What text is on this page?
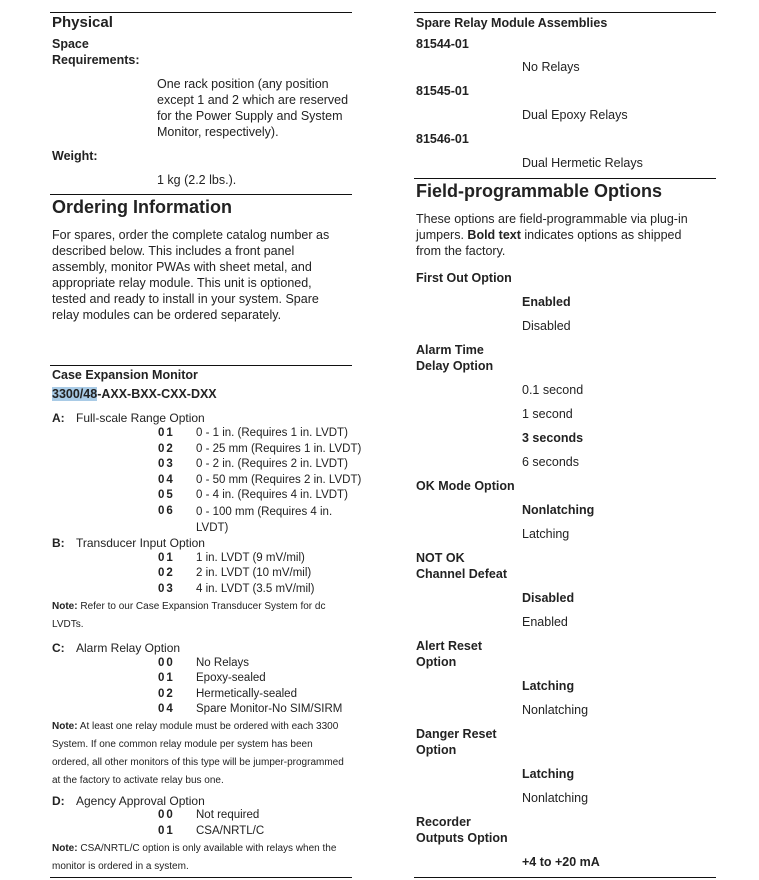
Physical
Space
Requirements:
One rack position (any position except 1 and 2 which are reserved for the Power Supply and System Monitor, respectively).
Weight:
1 kg (2.2 lbs.).
Ordering Information
For spares, order the complete catalog number as described below. This includes a front panel assembly, monitor PWAs with sheet metal, and appropriate relay module. This unit is optioned, tested and ready to install in your system. Spare relay modules can be ordered separately.
Case Expansion Monitor
3300/48-AXX-BXX-CXX-DXX
A: Full-scale Range Option
01 0 - 1 in. (Requires 1 in. LVDT)
02 0 - 25 mm (Requires 1 in. LVDT)
03 0 - 2 in. (Requires 2 in. LVDT)
04 0 - 50 mm (Requires 2 in. LVDT)
05 0 - 4 in. (Requires 4 in. LVDT)
06 0 - 100 mm (Requires 4 in. LVDT)
B: Transducer Input Option
01 1 in. LVDT (9 mV/mil)
02 2 in. LVDT (10 mV/mil)
03 4 in. LVDT (3.5 mV/mil)
Note: Refer to our Case Expansion Transducer System for dc LVDTs.
C: Alarm Relay Option
00 No Relays
01 Epoxy-sealed
02 Hermetically-sealed
04 Spare Monitor-No SIM/SIRM
Note: At least one relay module must be ordered with each 3300 System. If one common relay module per system has been ordered, all other monitors of this type will be jumper-programmed at the factory to activate relay bus one.
D: Agency Approval Option
00 Not required
01 CSA/NRTL/C
Note: CSA/NRTL/C option is only available with relays when the monitor is ordered in a system.
Spare Relay Module Assemblies
81544-01
No Relays
81545-01
Dual Epoxy Relays
81546-01
Dual Hermetic Relays
Field-programmable Options
These options are field-programmable via plug-in jumpers. Bold text indicates options as shipped from the factory.
First Out Option
Enabled
Disabled
Alarm Time
Delay Option
0.1 second
1 second
3 seconds
6 seconds
OK Mode Option
Nonlatching
Latching
NOT OK
Channel Defeat
Disabled
Enabled
Alert Reset
Option
Latching
Nonlatching
Danger Reset
Option
Latching
Nonlatching
Recorder
Outputs Option
+4 to +20 mA
